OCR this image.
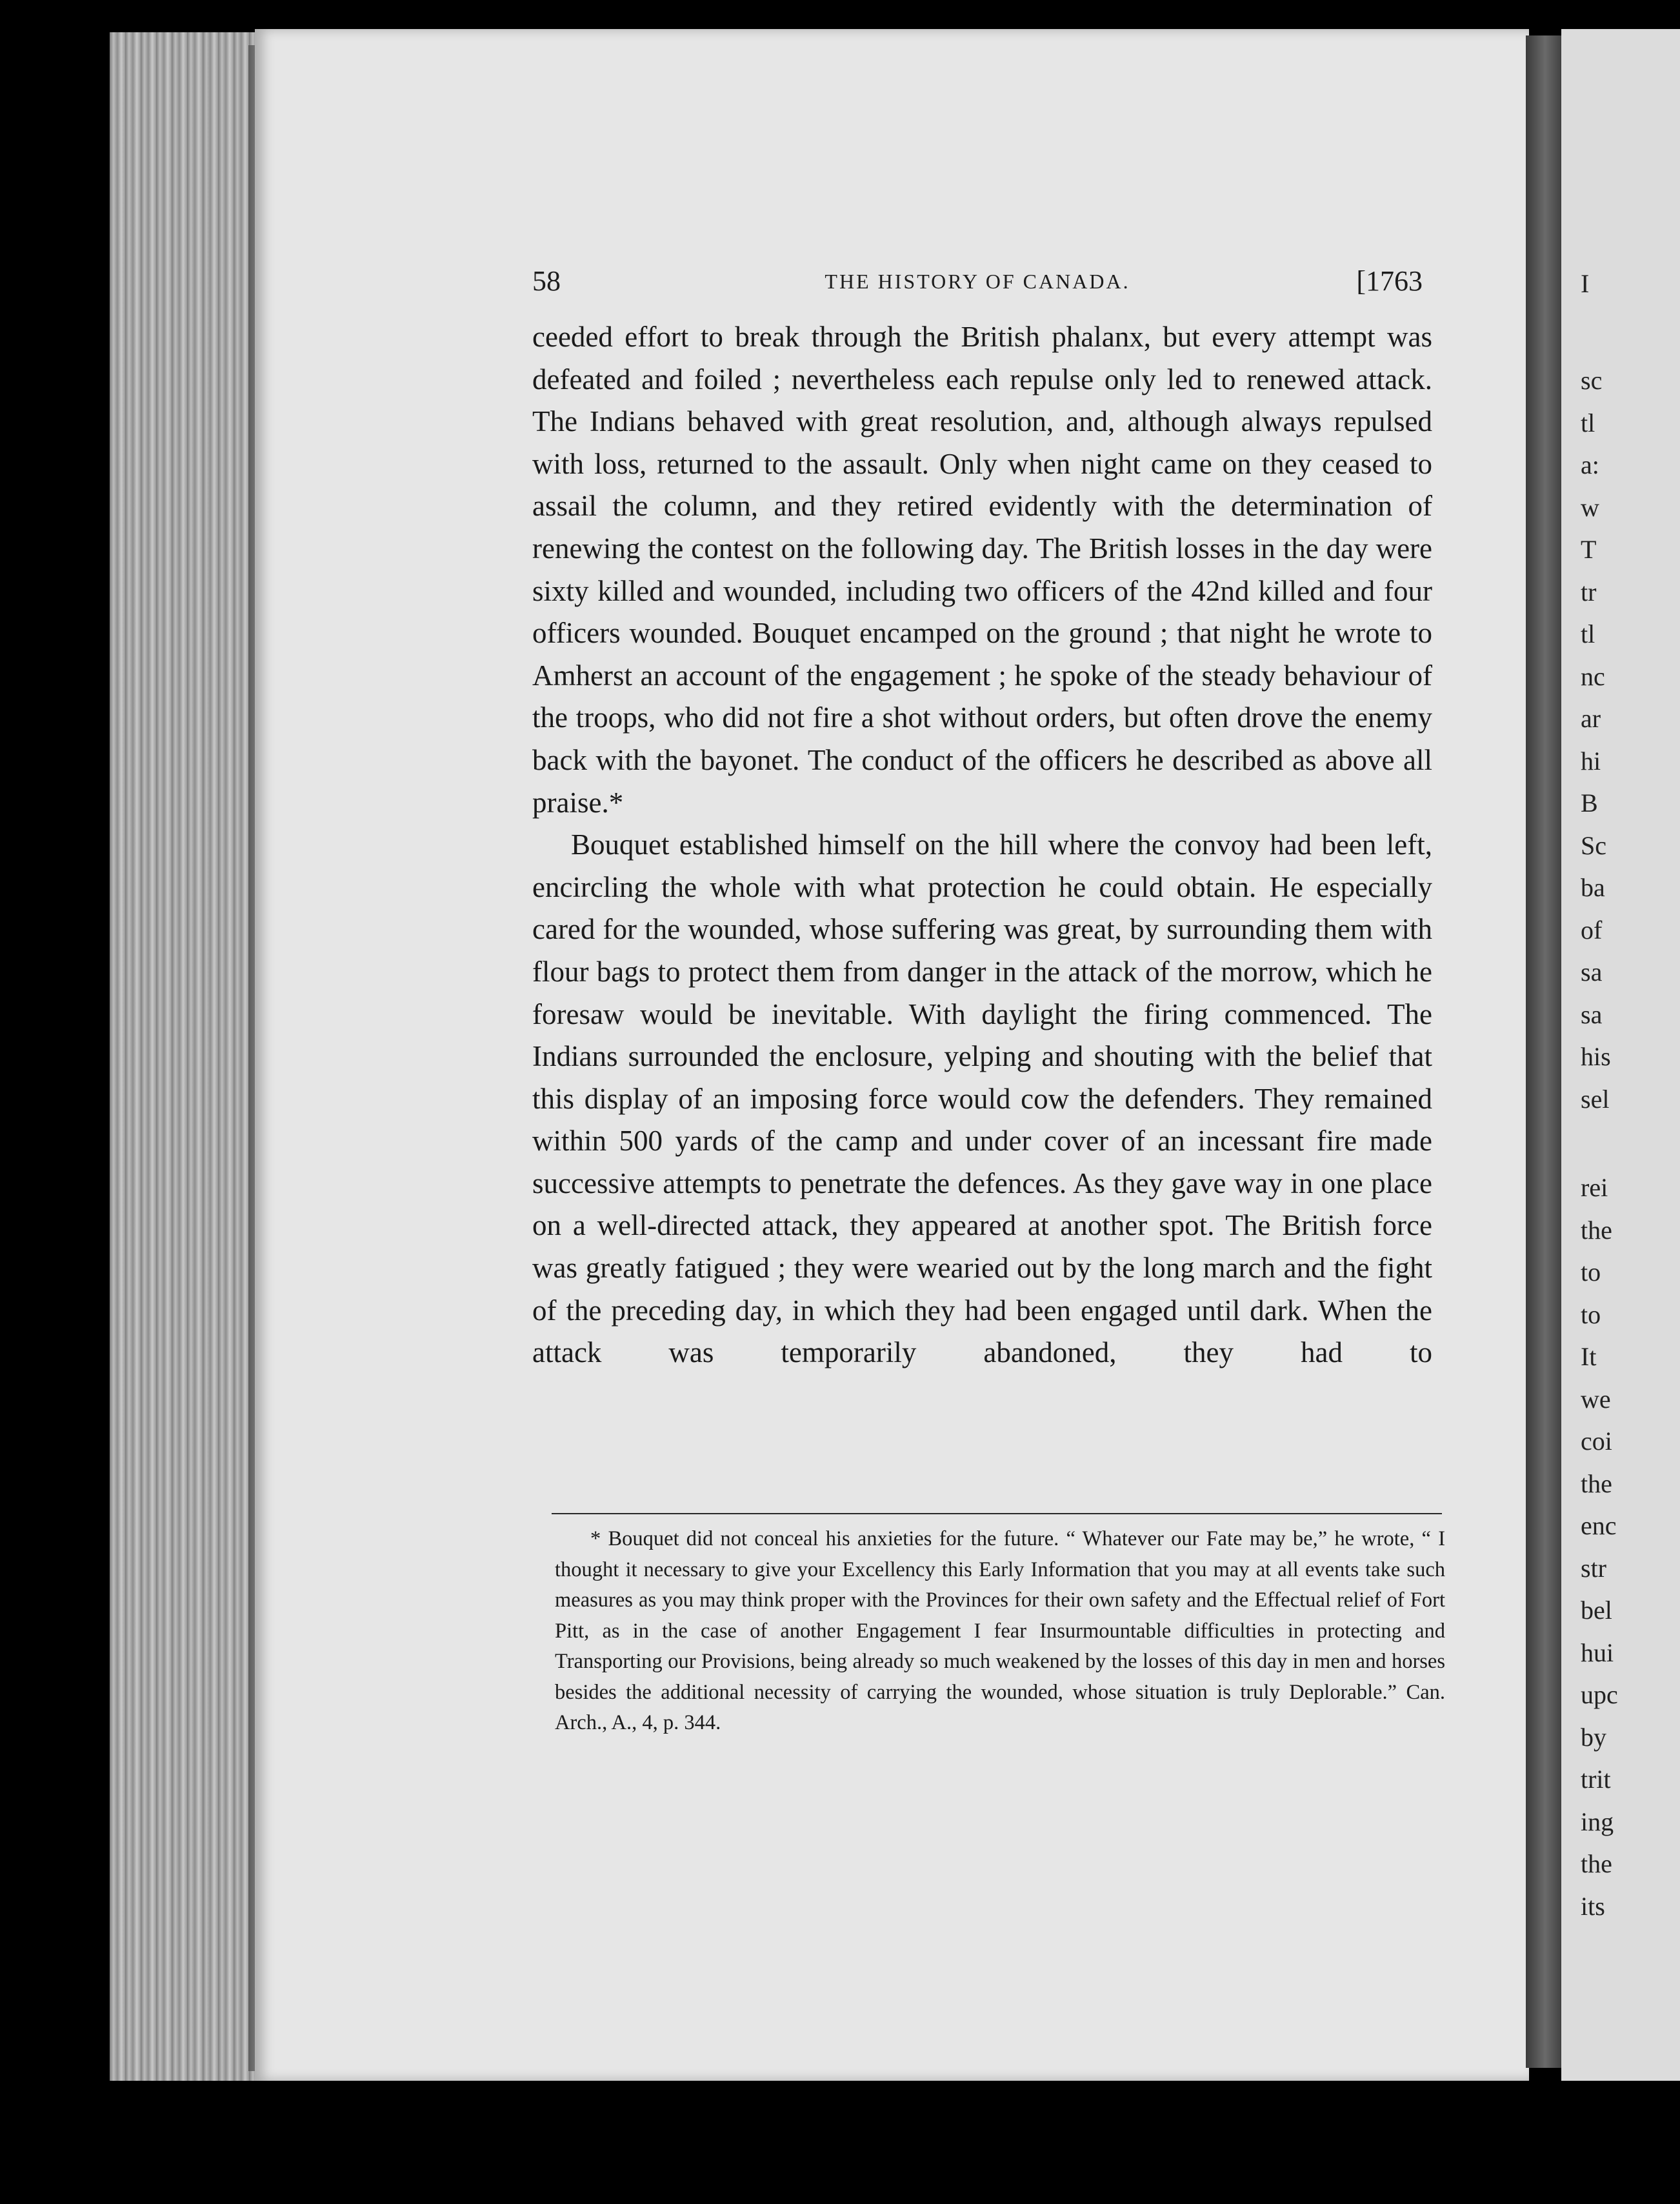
I
sc
tl
a:
w
T
tr
tl
nc
ar
hi
B
Sc
ba
of
sa
sa
his
sel
rei
the
to
to
It
we
coi
the
enc
str
bel
hui
upc
by
trit
ing
the
its
58	THE HISTORY OF CANADA.	[1763

ceeded effort to break through the British phalanx, but every attempt was defeated and foiled ; nevertheless each repulse only led to renewed attack. The Indians behaved with great resolution, and, although always repulsed with loss, returned to the assault. Only when night came on they ceased to assail the column, and they retired evidently with the determination of renewing the contest on the following day. The British losses in the day were sixty killed and wounded, including two officers of the 42nd killed and four officers wounded. Bouquet encamped on the ground ; that night he wrote to Amherst an account of the engagement ; he spoke of the steady behaviour of the troops, who did not fire a shot without orders, but often drove the enemy back with the bayonet. The conduct of the officers he described as above all praise.*

Bouquet established himself on the hill where the convoy had been left, encircling the whole with what protection he could obtain. He especially cared for the wounded, whose suffering was great, by surrounding them with flour bags to protect them from danger in the attack of the morrow, which he foresaw would be inevitable. With daylight the firing commenced. The Indians surrounded the enclosure, yelping and shouting with the belief that this display of an imposing force would cow the defenders. They remained within 500 yards of the camp and under cover of an incessant fire made successive attempts to penetrate the defences. As they gave way in one place on a well-directed attack, they appeared at another spot. The British force was greatly fatigued ; they were wearied out by the long march and the fight of the preceding day, in which they had been engaged until dark. When the attack was temporarily abandoned, they had to

* Bouquet did not conceal his anxieties for the future. “ Whatever our Fate may be,” he wrote, “ I thought it necessary to give your Excellency this Early Information that you may at all events take such measures as you may think proper with the Provinces for their own safety and the Effectual relief of Fort Pitt, as in the case of another Engagement I fear Insurmountable difficulties in protecting and Transporting our Provisions, being already so much weakened by the losses of this day in men and horses besides the additional necessity of carrying the wounded, whose situation is truly Deplorable.” Can. Arch., A., 4, p. 344.
